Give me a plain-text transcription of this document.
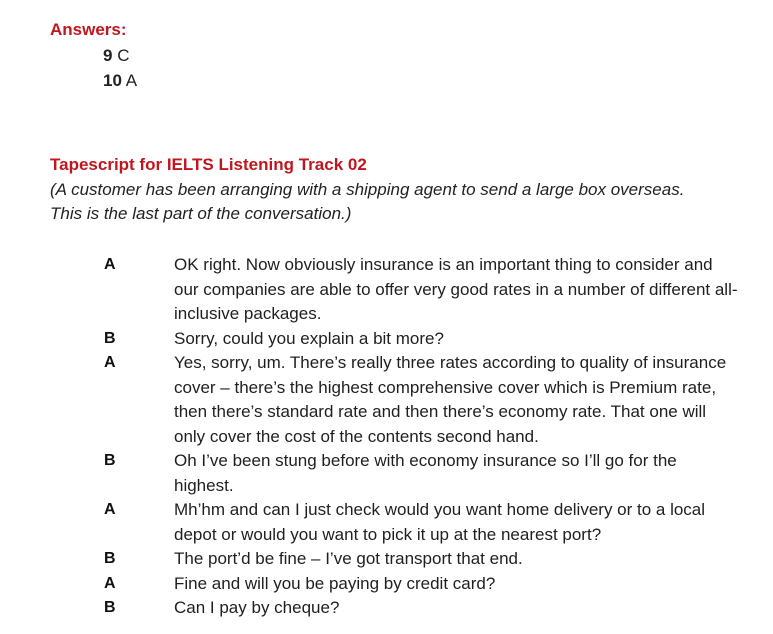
Answers:
9 C
10 A
Tapescript for IELTS Listening Track 02
(A customer has been arranging with a shipping agent to send a large box overseas. This is the last part of the conversation.)
A	OK right. Now obviously insurance is an important thing to consider and our companies are able to offer very good rates in a number of different all-inclusive packages.
B	Sorry, could you explain a bit more?
A	Yes, sorry, um. There’s really three rates according to quality of insurance cover – there’s the highest comprehensive cover which is Premium rate, then there’s standard rate and then there’s economy rate. That one will only cover the cost of the contents second hand.
B	Oh I’ve been stung before with economy insurance so I’ll go for the highest.
A	Mh’hm and can I just check would you want home delivery or to a local depot or would you want to pick it up at the nearest port?
B	The port’d be fine – I’ve got transport that end.
A	Fine and will you be paying by credit card?
B	Can I pay by cheque?
